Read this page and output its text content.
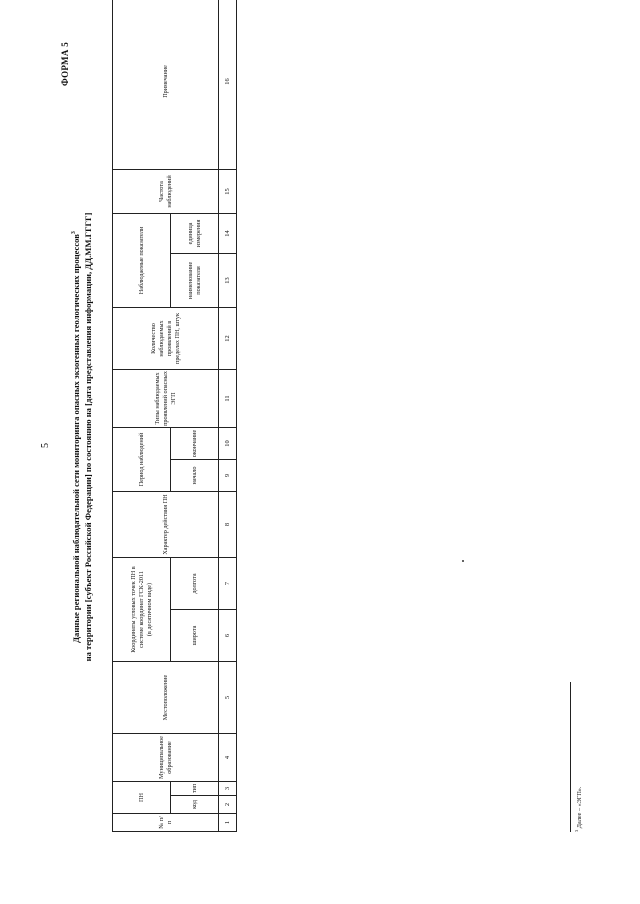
5
ФОРМА 5
Данные региональной наблюдательной сети мониторинга опасных экзогенных геологических процессов$^3$ на территории [субъект Российской Федерации] по состоянию на [дата представления информации, ДД.ММ.ГГГГ]
№ п/п	ПН		Муниципальное образование	Местоположение	Координаты угловых точек ПН в системе координат ГСК-2011 (в десятичном виде)		Характер действия ПН	Период наблюдений		Типы наблюдаемых проявлений опасных ЭГП	Количество наблюдаемых проявлений в пределах ПН, штук	Наблюдаемые показатели		Частота наблюдений	Примечание
	код	тип			широта	долгота		начало	окончание			наименование показателя	единица измерения		
1	2	3	4	5	6	7	8	9	10	11	12	13	14	15	16
$^3$ Далее – «ЭГП».
